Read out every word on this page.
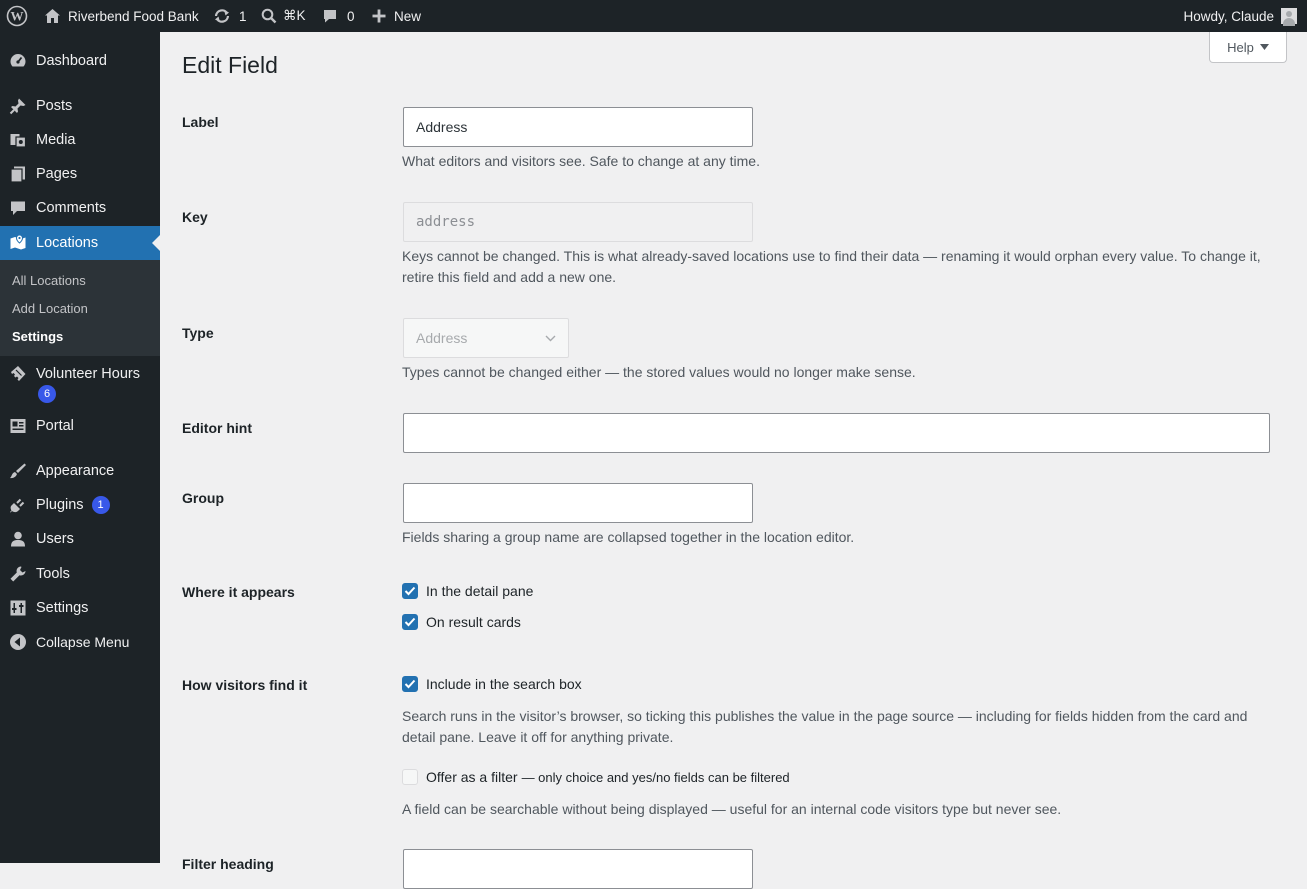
W	Riverbend Food Bank	1	⌘K	0	New	Howdy, Claude
Dashboard
Posts
Media
Pages
Comments
Locations
All Locations
Add Location
Settings
Volunteer Hours
6
Portal
Appearance
Plugins	1
Users
Tools
Settings
Collapse Menu
Help
Edit Field
Label	Address

What editors and visitors see. Safe to change at any time.

Key	address

Keys cannot be changed. This is what already-saved locations use to find their data — renaming it would orphan every value. To change it, retire this field and add a new one.

Type	Address

Types cannot be changed either — the stored values would no longer make sense.

Editor hint
Group

Fields sharing a group name are collapsed together in the location editor.

Where it appears	In the detail pane
On result cards
How visitors find it	Include in the search box

Search runs in the visitor’s browser, so ticking this publishes the value in the page source — including for fields hidden from the card and detail pane. Leave it off for anything private.

Offer as a filter — only choice and yes/no fields can be filtered

A field can be searchable without being displayed — useful for an internal code visitors type but never see.

Filter heading
